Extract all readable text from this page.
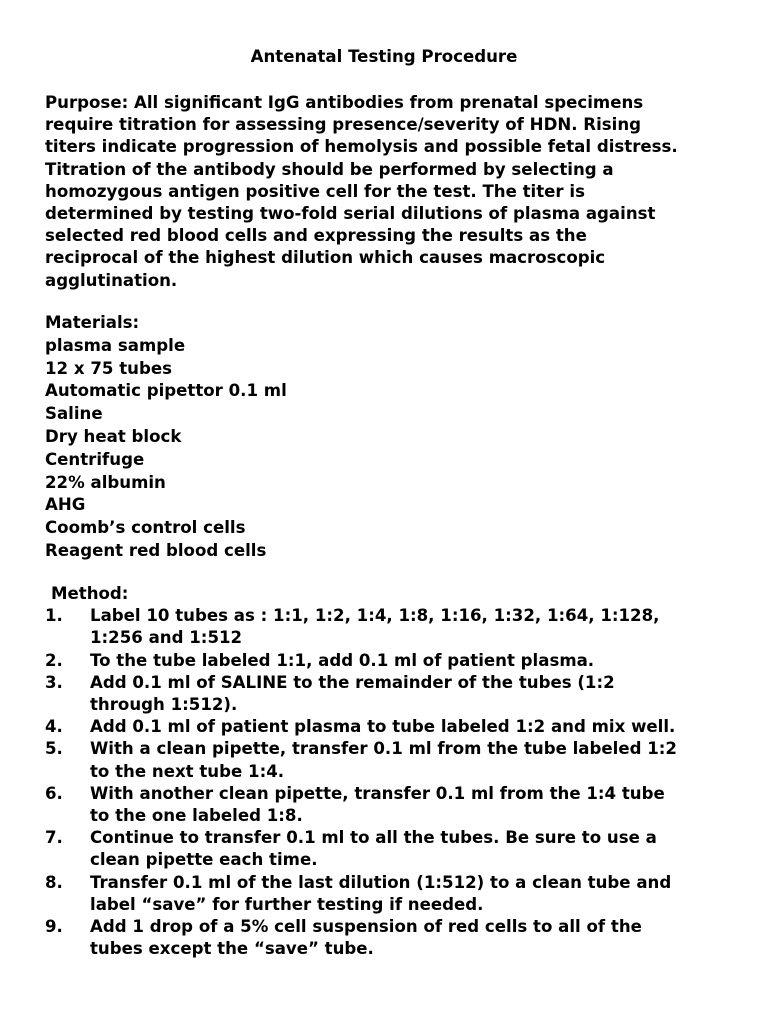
Antenatal Testing Procedure
Purpose: All significant IgG antibodies from prenatal specimens
require titration for assessing presence/severity of HDN. Rising
titers indicate progression of hemolysis and possible fetal distress.
Titration of the antibody should be performed by selecting a
homozygous antigen positive cell for the test. The titer is
determined by testing two-fold serial dilutions of plasma against
selected red blood cells and expressing the results as the
reciprocal of the highest dilution which causes macroscopic
agglutination.
Materials:
plasma sample
12 x 75 tubes
Automatic pipettor 0.1 ml
Saline
Dry heat block
Centrifuge
22% albumin
AHG
Coomb’s control cells
Reagent red blood cells
Method:
1.	Label 10 tubes as : 1:1, 1:2, 1:4, 1:8, 1:16, 1:32, 1:64, 1:128,
1:256 and 1:512
2.	To the tube labeled 1:1, add 0.1 ml of patient plasma.
3.	Add 0.1 ml of SALINE to the remainder of the tubes (1:2
through 1:512).
4.	Add 0.1 ml of patient plasma to tube labeled 1:2 and mix well.
5.	With a clean pipette, transfer 0.1 ml from the tube labeled 1:2
to the next tube 1:4.
6.	With another clean pipette, transfer 0.1 ml from the 1:4 tube
to the one labeled 1:8.
7.	Continue to transfer 0.1 ml to all the tubes. Be sure to use a
clean pipette each time.
8.	Transfer 0.1 ml of the last dilution (1:512) to a clean tube and
label “save” for further testing if needed.
9.	Add 1 drop of a 5% cell suspension of red cells to all of the
tubes except the “save” tube.
